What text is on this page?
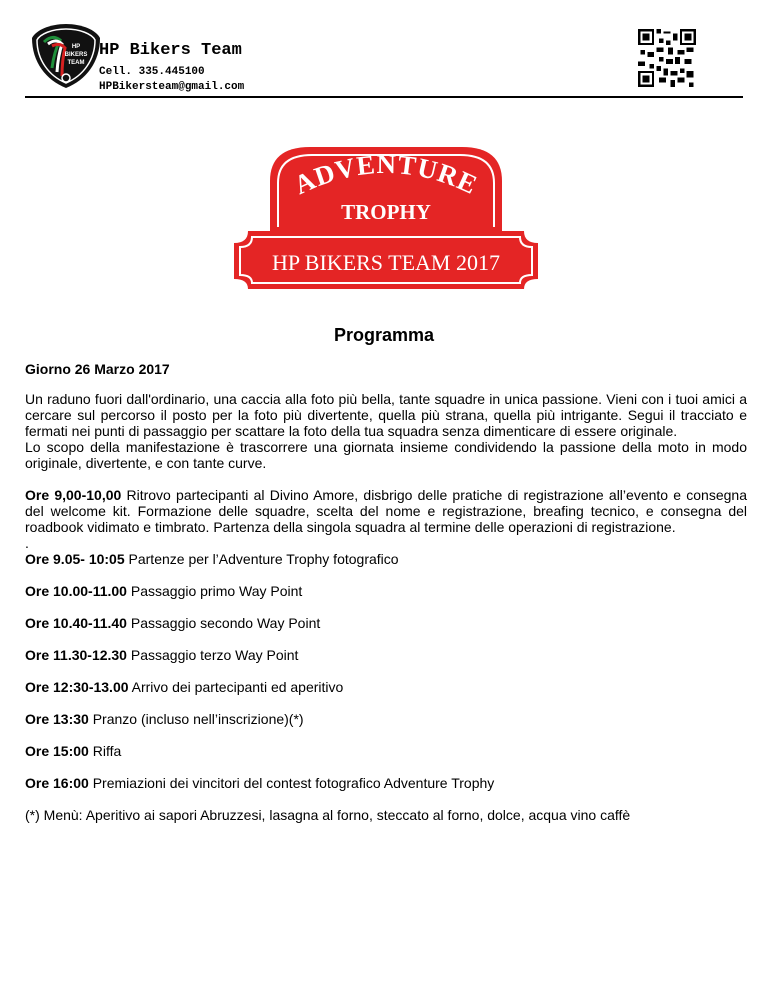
HP
BIKERS
TEAM
HP Bikers Team
Cell. 335.445100
HPBikersteam@gmail.com
ADVENTURE
TROPHY
HP BIKERS TEAM 2017
Programma

Giorno 26 Marzo 2017

Un raduno fuori dall'ordinario, una caccia alla foto più bella, tante squadre in unica passione. Vieni con i tuoi amici a cercare sul percorso il posto per la foto più divertente, quella più strana, quella più intrigante. Segui il tracciato e fermati nei punti di passaggio per scattare la foto della tua squadra senza dimenticare di essere originale.
Lo scopo della manifestazione è trascorrere una giornata insieme condividendo la passione della moto in modo originale, divertente, e con tante curve.

Ore 9,00-10,00 Ritrovo partecipanti al Divino Amore, disbrigo delle pratiche di registrazione all’evento e consegna del welcome kit. Formazione delle squadre, scelta del nome e registrazione, breafing tecnico, e consegna del roadbook vidimato e timbrato. Partenza della singola squadra al termine delle operazioni di registrazione.

.

Ore 9.05- 10:05 Partenze per l’Adventure Trophy fotografico

Ore 10.00-11.00 Passaggio primo Way Point

Ore 10.40-11.40 Passaggio secondo Way Point

Ore 11.30-12.30 Passaggio terzo Way Point

Ore 12:30-13.00 Arrivo dei partecipanti ed aperitivo

Ore 13:30 Pranzo (incluso nell’inscrizione)(*)

Ore 15:00 Riffa

Ore 16:00 Premiazioni dei vincitori del contest fotografico Adventure Trophy

(*) Menù: Aperitivo ai sapori Abruzzesi, lasagna al forno, steccato al forno, dolce, acqua vino caffè
